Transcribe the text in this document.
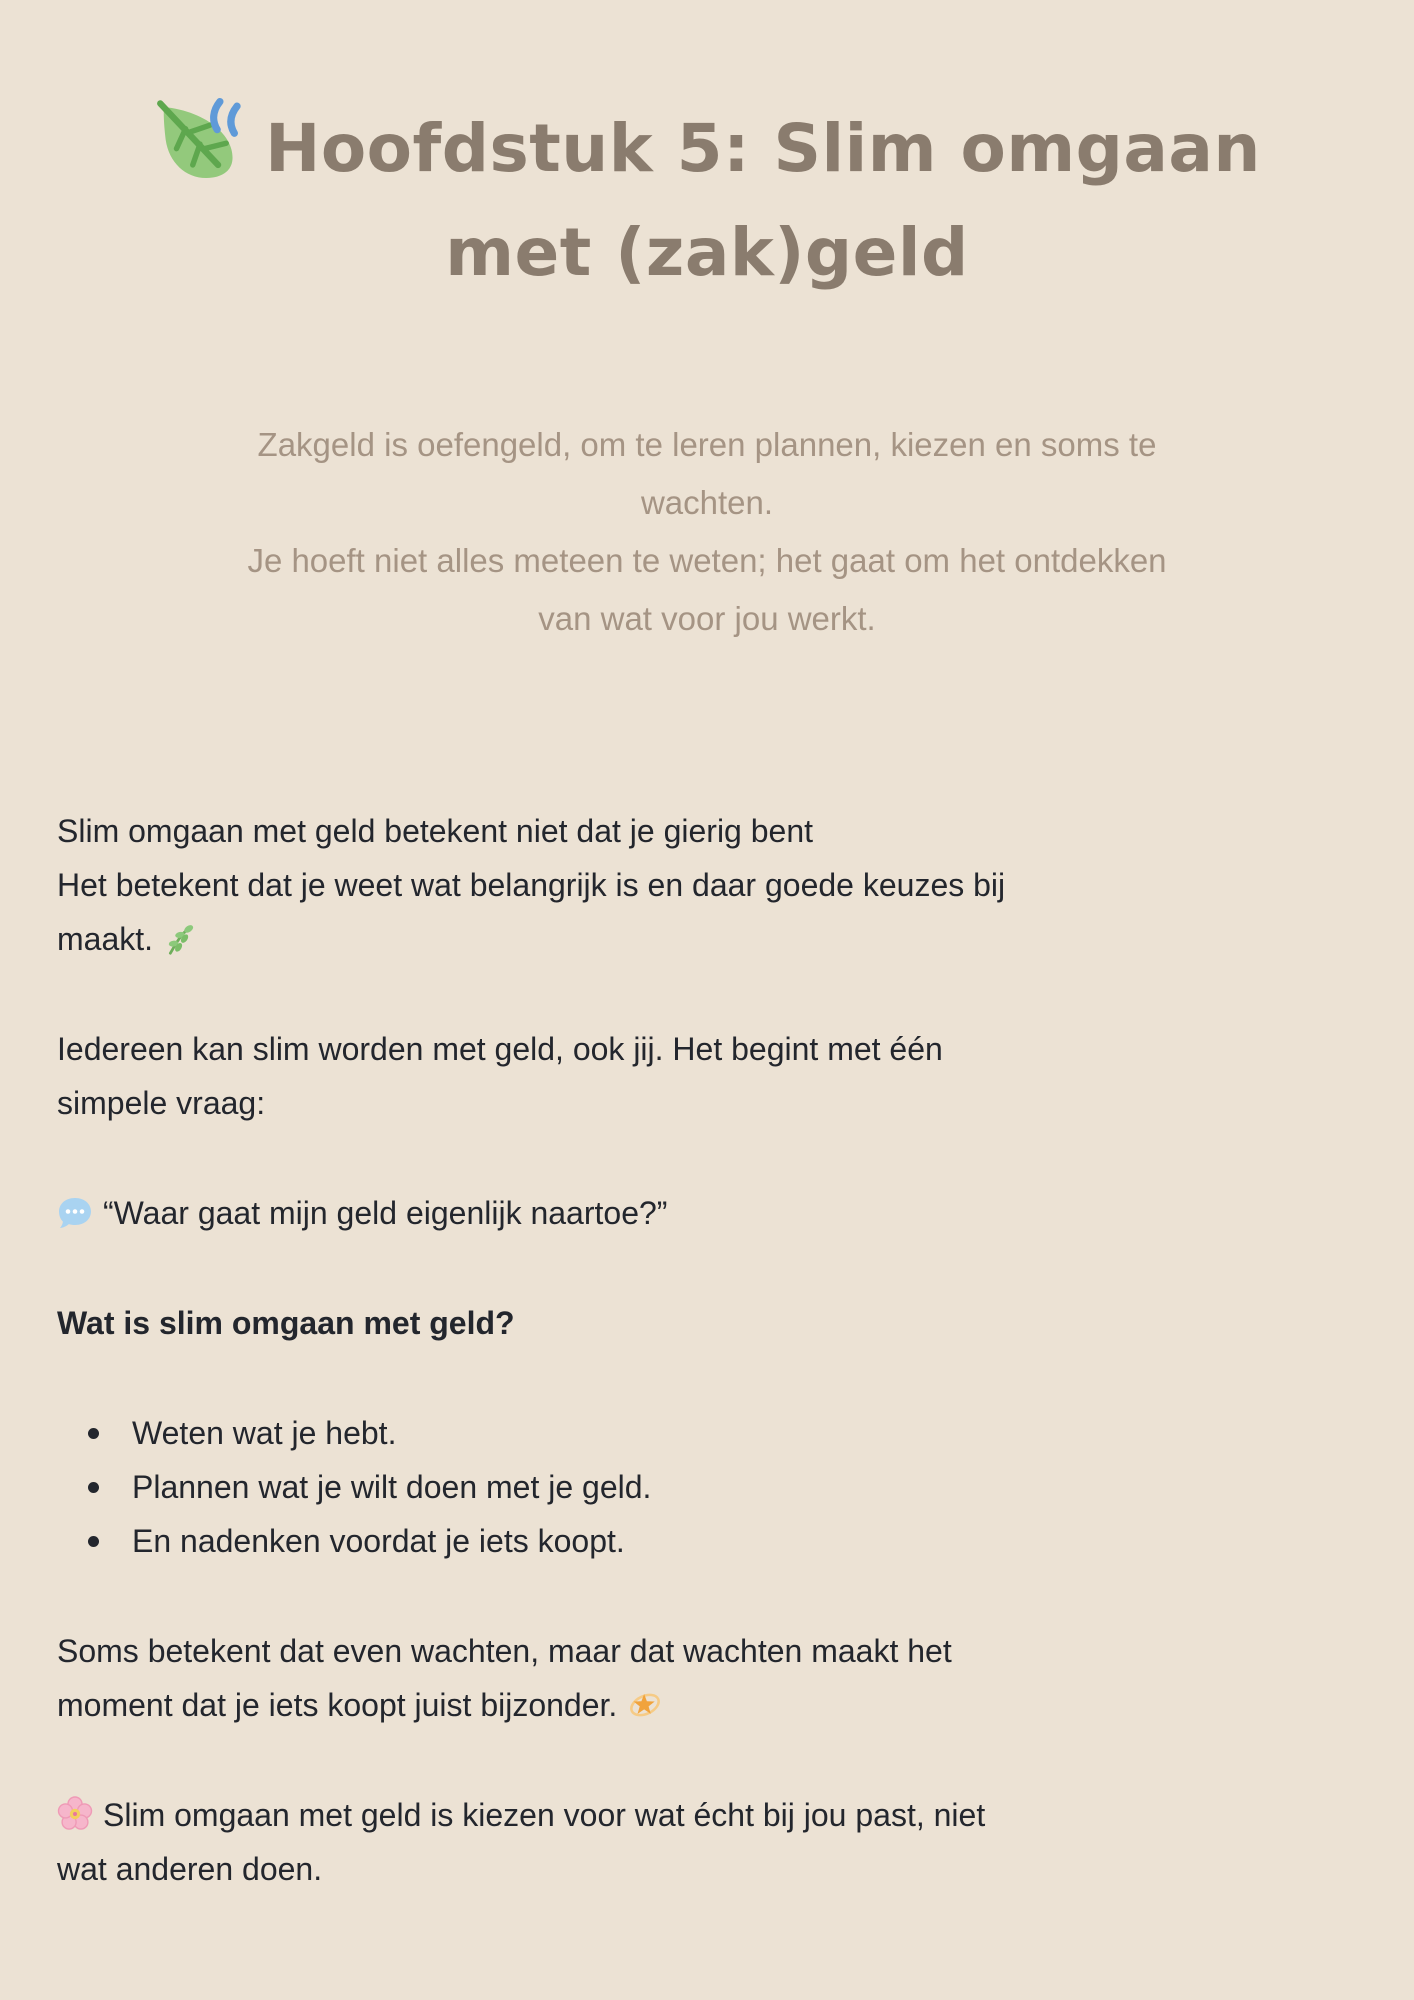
Hoofdstuk 5: Slim omgaan
met (zak)geld

Zakgeld is oefengeld, om te leren plannen, kiezen en soms te
wachten.
Je hoeft niet alles meteen te weten; het gaat om het ontdekken
van wat voor jou werkt.

Slim omgaan met geld betekent niet dat je gierig bent
Het betekent dat je weet wat belangrijk is en daar goede keuzes bij
maakt.

Iedereen kan slim worden met geld, ook jij. Het begint met één
simpele vraag:

“Waar gaat mijn geld eigenlijk naartoe?”

Wat is slim omgaan met geld?

Weten wat je hebt.
Plannen wat je wilt doen met je geld.
En nadenken voordat je iets koopt.

Soms betekent dat even wachten, maar dat wachten maakt het
moment dat je iets koopt juist bijzonder.

Slim omgaan met geld is kiezen voor wat écht bij jou past, niet
wat anderen doen.
